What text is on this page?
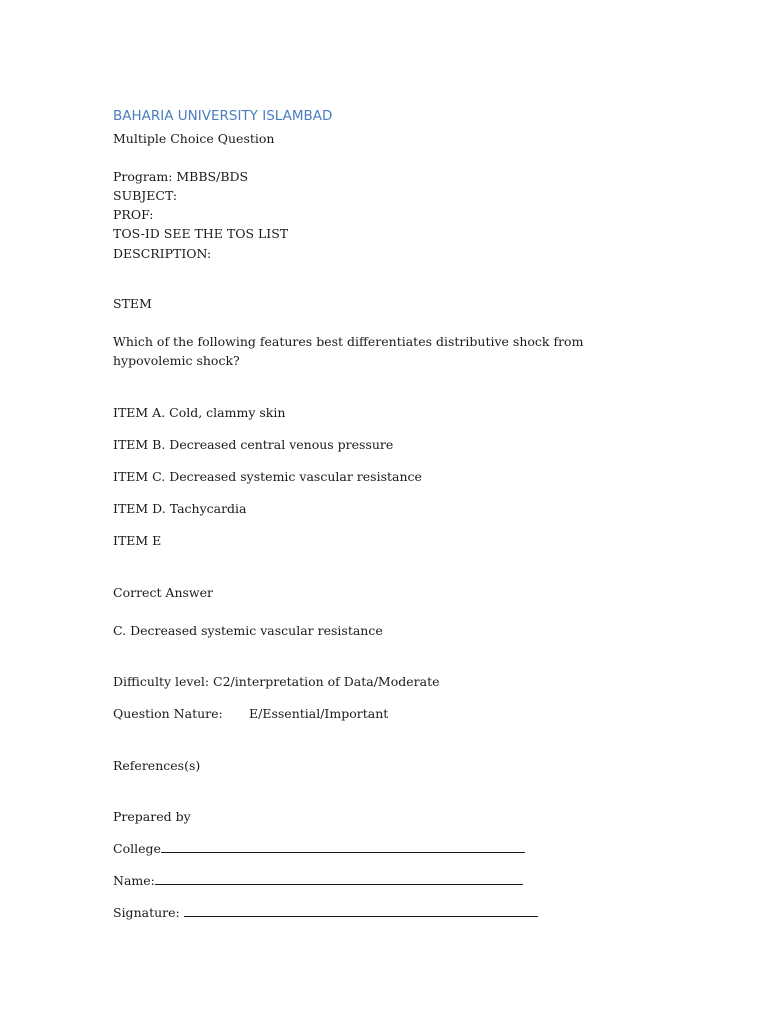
BAHARIA UNIVERSITY ISLAMBAD
Multiple Choice Question
Program: MBBS/BDS
SUBJECT:
PROF:
TOS-ID SEE THE TOS LIST
DESCRIPTION:
STEM
Which of the following features best differentiates distributive shock from hypovolemic shock?
ITEM A. Cold, clammy skin
ITEM B. Decreased central venous pressure
ITEM C. Decreased systemic vascular resistance
ITEM D. Tachycardia
ITEM E
Correct Answer
C. Decreased systemic vascular resistance
Difficulty level: C2/interpretation of Data/Moderate
Question Nature: E/Essential/Important
References(s)
Prepared by
College
Name:
Signature:
